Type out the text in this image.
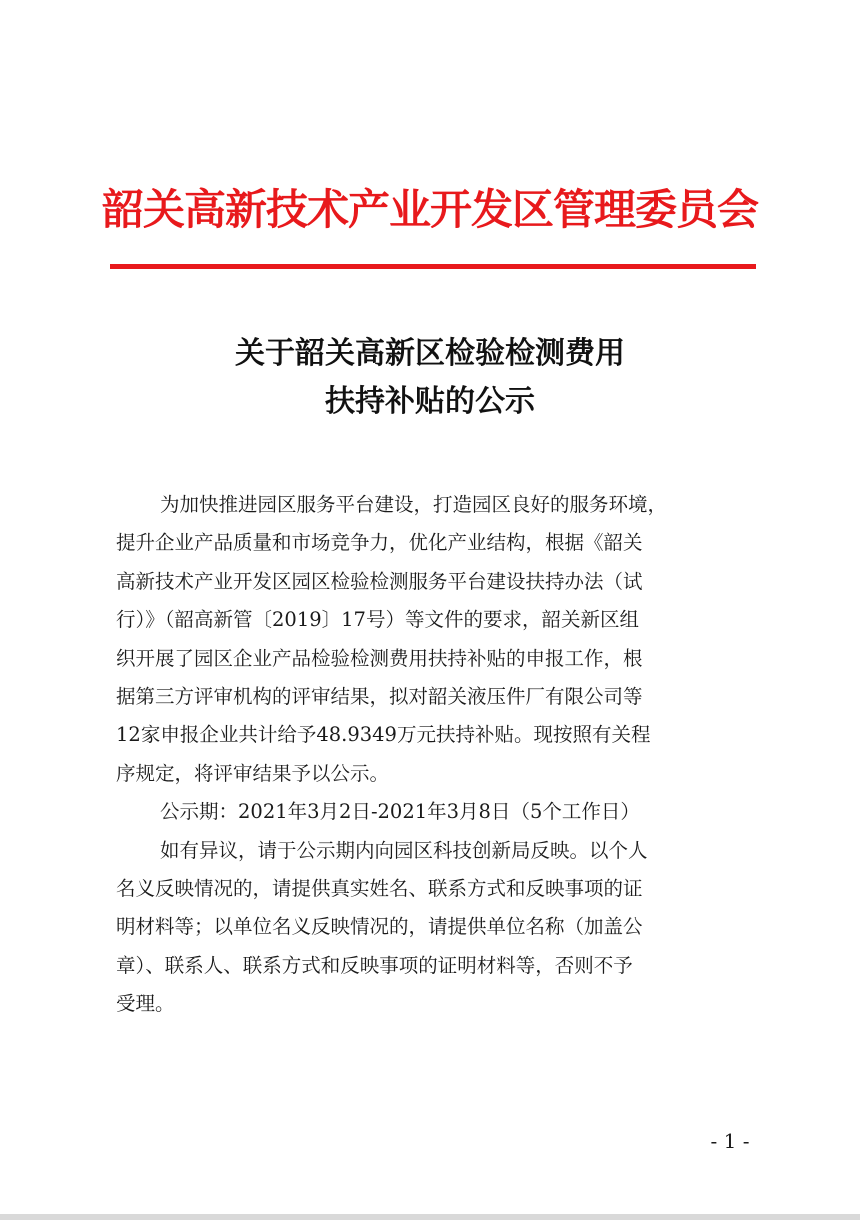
韶关高新技术产业开发区管理委员会
关于韶关高新区检验检测费用
扶持补贴的公示
为加快推进园区服务平台建设，打造园区良好的服务环境，
提升企业产品质量和市场竞争力，优化产业结构，根据《韶关
高新技术产业开发区园区检验检测服务平台建设扶持办法（试
行）》（韶高新管〔2019〕17号）等文件的要求，韶关新区组
织开展了园区企业产品检验检测费用扶持补贴的申报工作，根
据第三方评审机构的评审结果，拟对韶关液压件厂有限公司等
12家申报企业共计给予48.9349万元扶持补贴。现按照有关程
序规定，将评审结果予以公示。
公示期：2021年3月2日-2021年3月8日（5个工作日）
如有异议，请于公示期内向园区科技创新局反映。以个人
名义反映情况的，请提供真实姓名、联系方式和反映事项的证
明材料等；以单位名义反映情况的，请提供单位名称（加盖公
章）、联系人、联系方式和反映事项的证明材料等，否则不予
受理。
- 1 -
